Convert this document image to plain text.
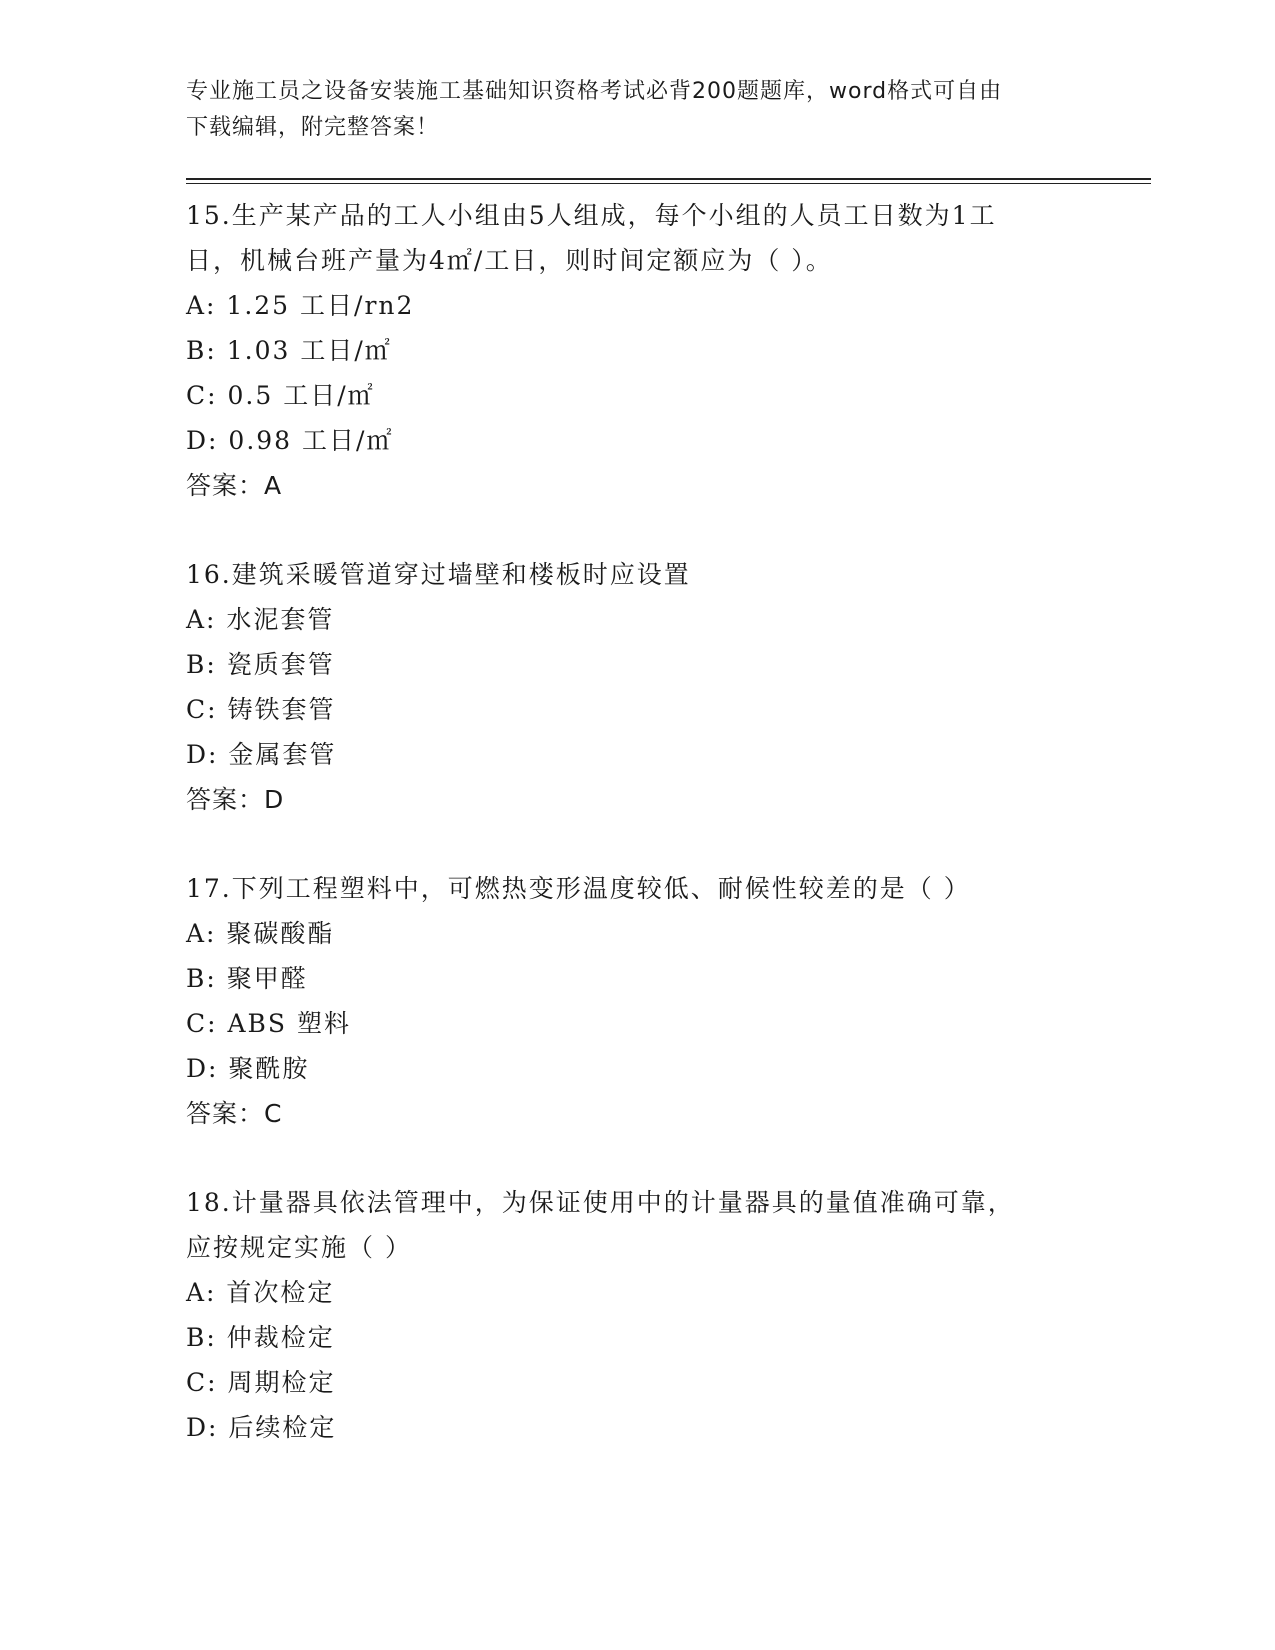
专业施工员之设备安装施工基础知识资格考试必背200题题库，word格式可自由
下载编辑，附完整答案！
15.生产某产品的工人小组由5人组成，每个小组的人员工日数为1工
日，机械台班产量为4㎡/工日，则时间定额应为（ ）。
A: 1.25 工日/rn2
B: 1.03 工日/㎡
C: 0.5 工日/㎡
D: 0.98 工日/㎡
答案：A
16.建筑采暖管道穿过墙壁和楼板时应设置
A: 水泥套管
B: 瓷质套管
C: 铸铁套管
D: 金属套管
答案：D
17.下列工程塑料中，可燃热变形温度较低、耐候性较差的是（ ）
A: 聚碳酸酯
B: 聚甲醛
C: ABS 塑料
D: 聚酰胺
答案：C
18.计量器具依法管理中，为保证使用中的计量器具的量值准确可靠，
应按规定实施（ ）
A: 首次检定
B: 仲裁检定
C: 周期检定
D: 后续检定
